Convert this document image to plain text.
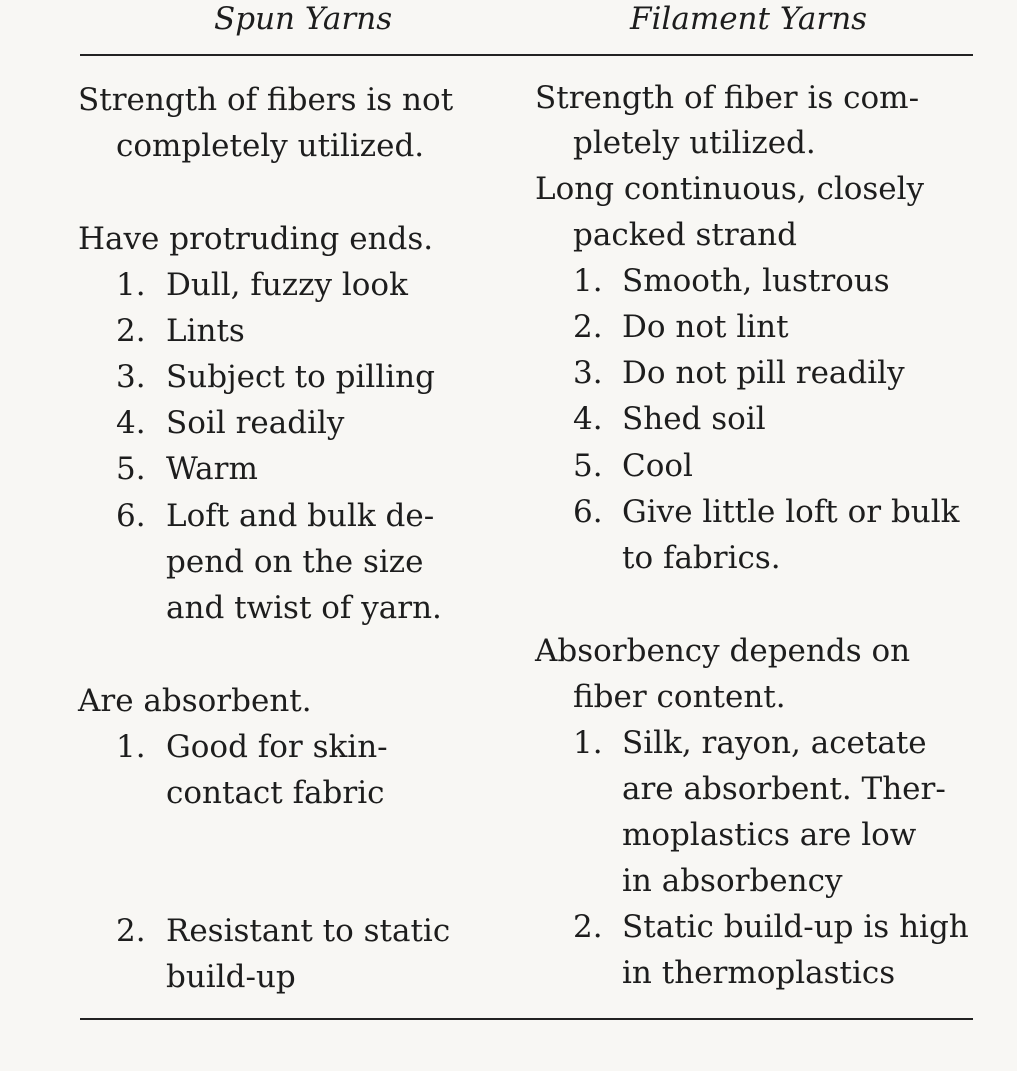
Spun Yarns	Filament Yarns
Strength of fibers is not
completely utilized.
Have protruding ends.
1. Dull, fuzzy look
2. Lints
3. Subject to pilling
4. Soil readily
5. Warm
6. Loft and bulk de-
pend on the size
and twist of yarn.
Are absorbent.
1. Good for skin-
contact fabric
2. Resistant to static
build-up
Strength of fiber is com-
pletely utilized.
Long continuous, closely
packed strand
1. Smooth, lustrous
2. Do not lint
3. Do not pill readily
4. Shed soil
5. Cool
6. Give little loft or bulk
to fabrics.
Absorbency depends on
fiber content.
1. Silk, rayon, acetate
are absorbent. Ther-
moplastics are low
in absorbency
2. Static build-up is high
in thermoplastics
